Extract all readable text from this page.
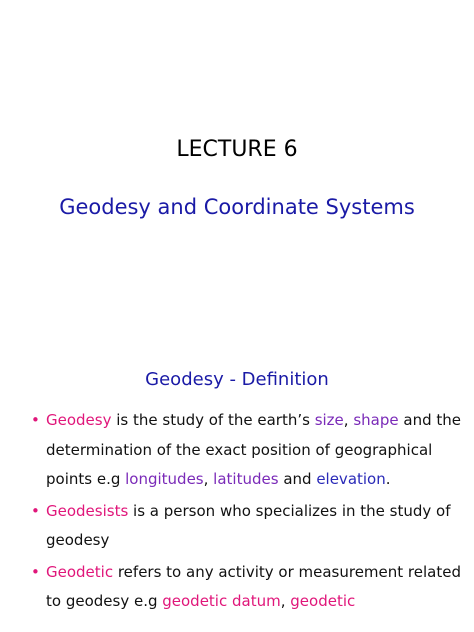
LECTURE 6
Geodesy and Coordinate Systems
Geodesy - Definition
• Geodesy is the study of the earth’s size, shape and the determination of the exact position of geographical points e.g longitudes, latitudes and elevation.
• Geodesists is a person who specializes in the study of geodesy
• Geodetic refers to any activity or measurement related to geodesy e.g geodetic datum, geodetic
